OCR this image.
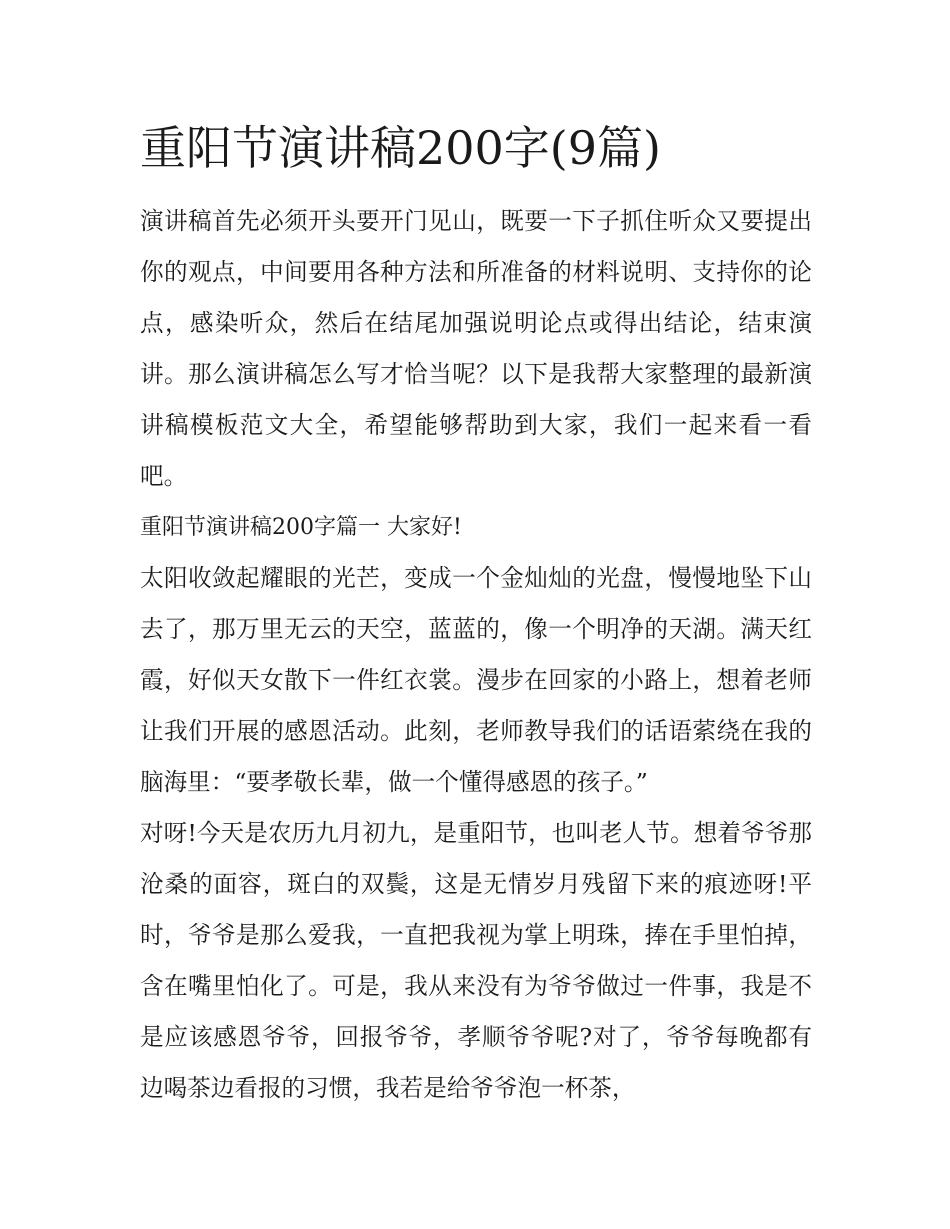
重阳节演讲稿200字(9篇)

演讲稿首先必须开头要开门见山，既要一下子抓住听众又要提出你的观点，中间要用各种方法和所准备的材料说明、支持你的论点，感染听众，然后在结尾加强说明论点或得出结论，结束演讲。那么演讲稿怎么写才恰当呢？以下是我帮大家整理的最新演讲稿模板范文大全，希望能够帮助到大家，我们一起来看一看吧。

重阳节演讲稿200字篇一 大家好!

太阳收敛起耀眼的光芒，变成一个金灿灿的光盘，慢慢地坠下山去了，那万里无云的天空，蓝蓝的，像一个明净的天湖。满天红霞，好似天女散下一件红衣裳。漫步在回家的小路上，想着老师让我们开展的感恩活动。此刻，老师教导我们的话语萦绕在我的脑海里：“要孝敬长辈，做一个懂得感恩的孩子。”

对呀!今天是农历九月初九，是重阳节，也叫老人节。想着爷爷那沧桑的面容，斑白的双鬓，这是无情岁月残留下来的痕迹呀!平时，爷爷是那么爱我，一直把我视为掌上明珠，捧在手里怕掉，含在嘴里怕化了。可是，我从来没有为爷爷做过一件事，我是不是应该感恩爷爷，回报爷爷，孝顺爷爷呢?对了，爷爷每晚都有边喝茶边看报的习惯，我若是给爷爷泡一杯茶，
